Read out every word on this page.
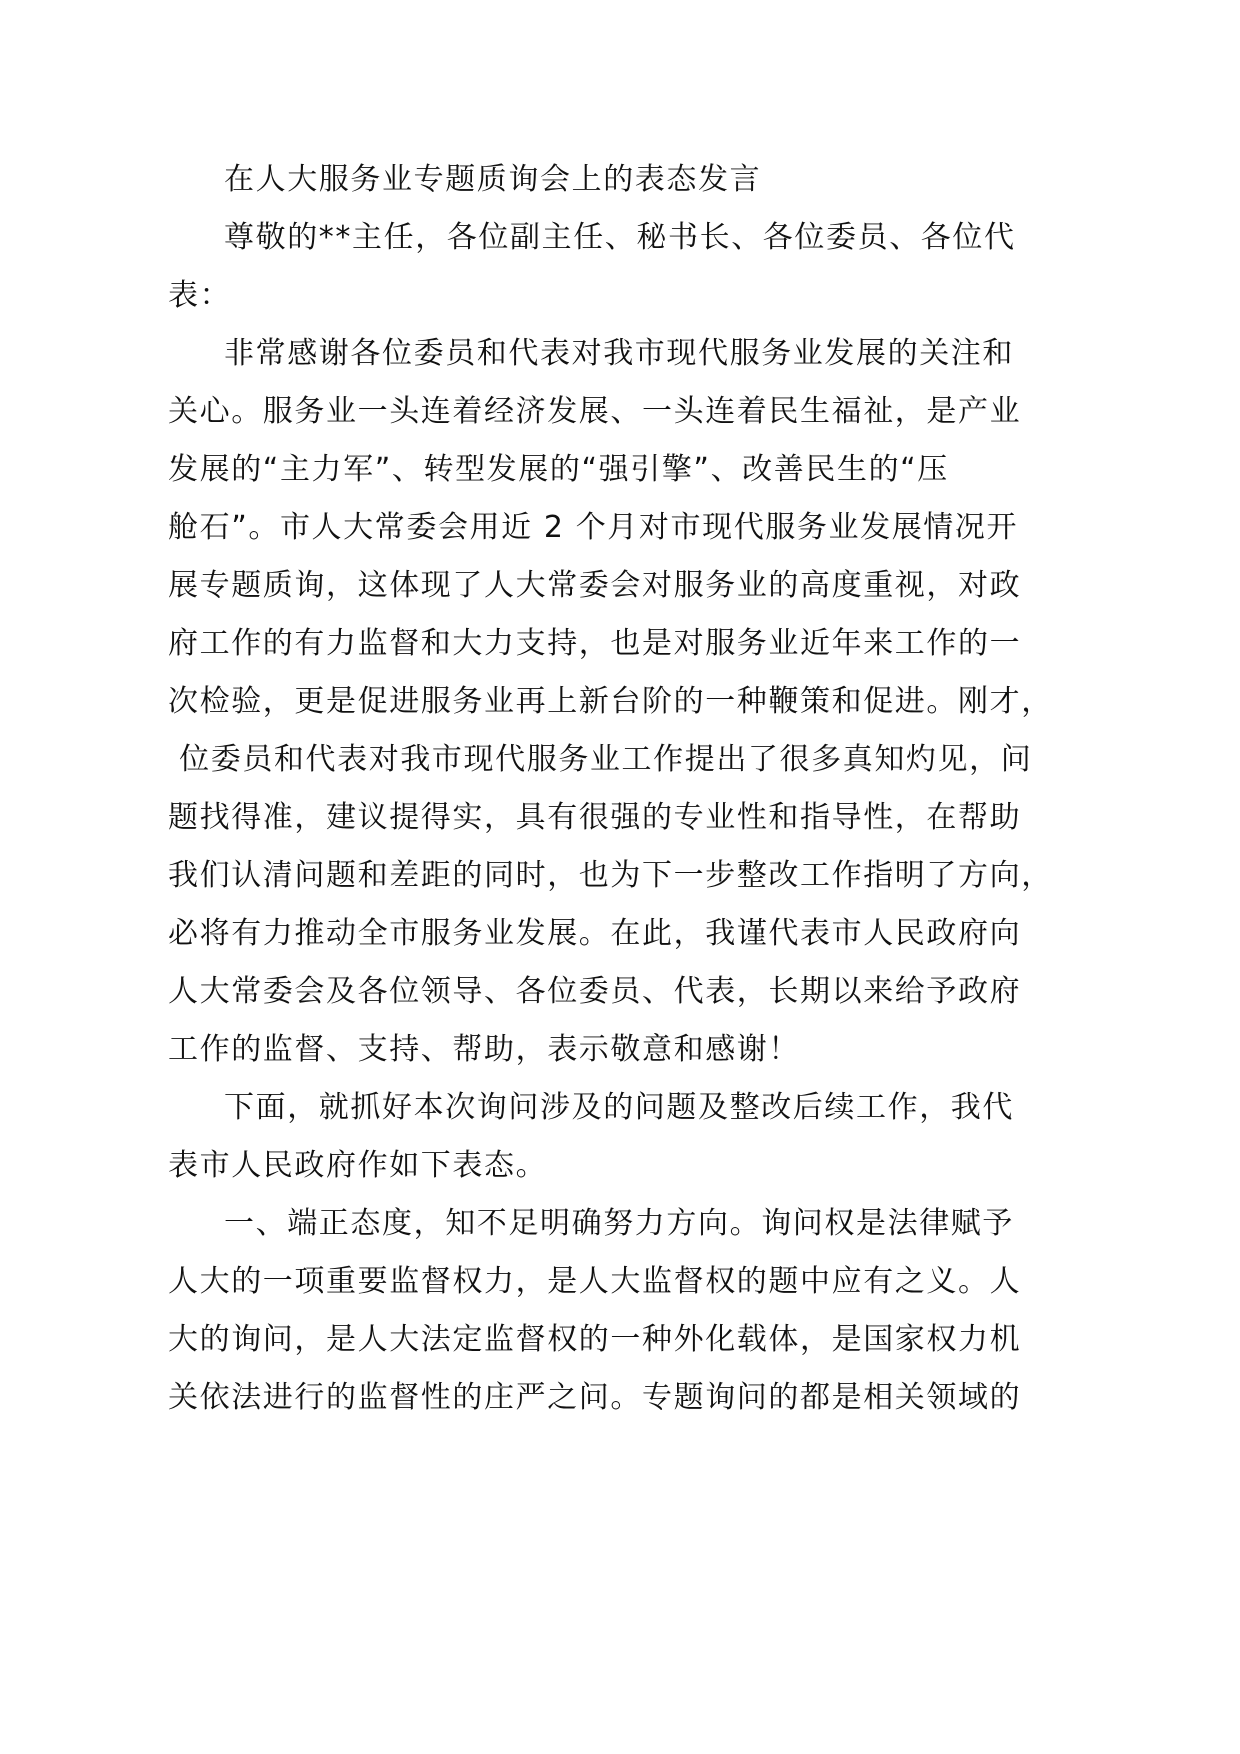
在人大服务业专题质询会上的表态发言
尊敬的**主任，各位副主任、秘书长、各位委员、各位代
表：
非常感谢各位委员和代表对我市现代服务业发展的关注和
关心。服务业一头连着经济发展、一头连着民生福祉，是产业
发展的“主力军”、转型发展的“强引擎”、改善民生的“压
舱石”。市人大常委会用近 2 个月对市现代服务业发展情况开
展专题质询，这体现了人大常委会对服务业的高度重视，对政
府工作的有力监督和大力支持，也是对服务业近年来工作的一
次检验，更是促进服务业再上新台阶的一种鞭策和促进。刚才，
位委员和代表对我市现代服务业工作提出了很多真知灼见，问
题找得准，建议提得实，具有很强的专业性和指导性，在帮助
我们认清问题和差距的同时，也为下一步整改工作指明了方向，
必将有力推动全市服务业发展。在此，我谨代表市人民政府向
人大常委会及各位领导、各位委员、代表，长期以来给予政府
工作的监督、支持、帮助，表示敬意和感谢！
下面，就抓好本次询问涉及的问题及整改后续工作，我代
表市人民政府作如下表态。
一、端正态度，知不足明确努力方向。询问权是法律赋予
人大的一项重要监督权力，是人大监督权的题中应有之义。人
大的询问，是人大法定监督权的一种外化载体，是国家权力机
关依法进行的监督性的庄严之问。专题询问的都是相关领域的
